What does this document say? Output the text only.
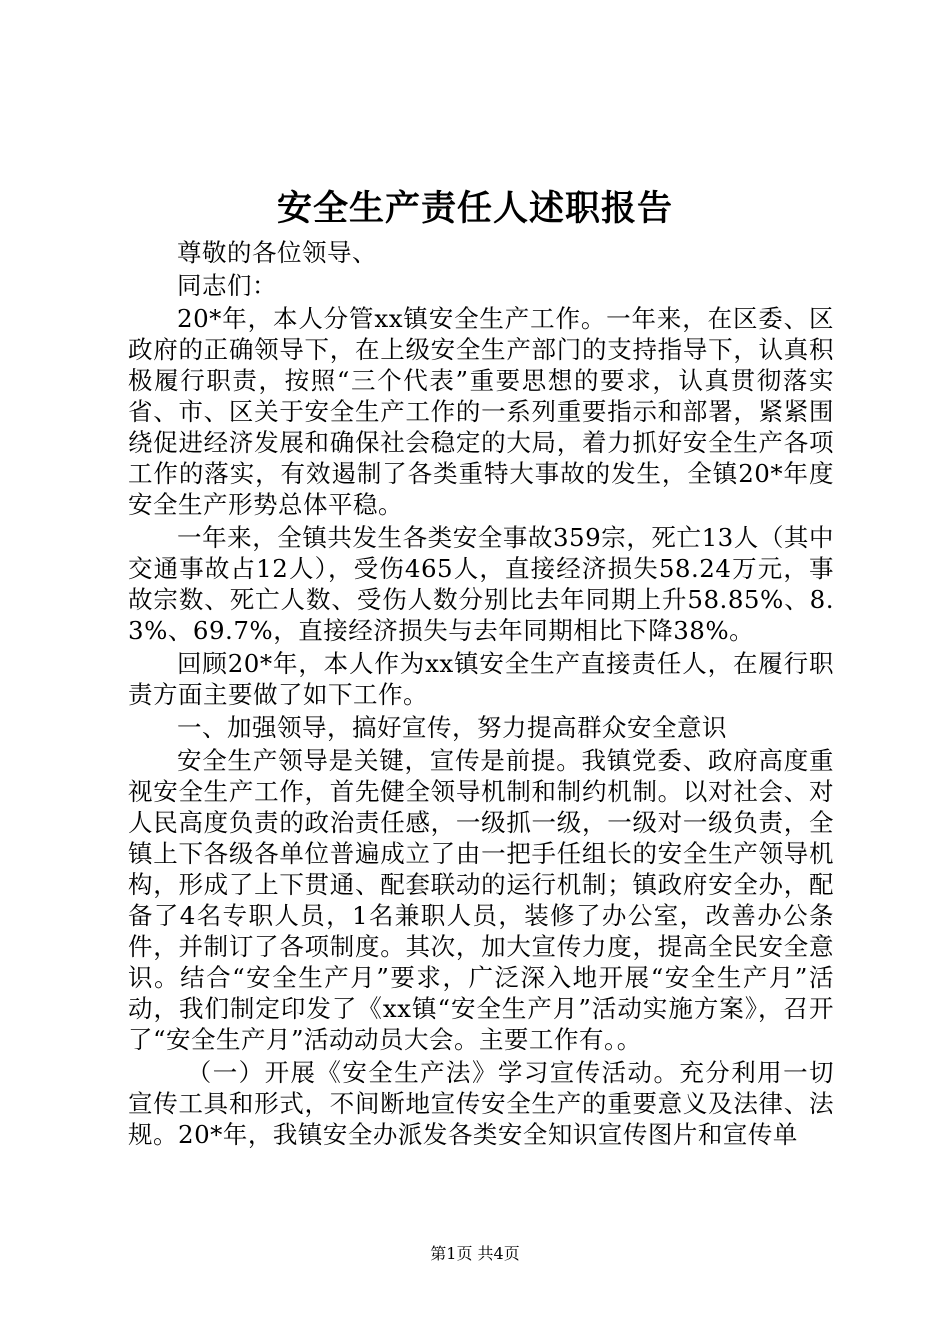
安全生产责任人述职报告

尊敬的各位领导、

同志们：

20*年，本人分管xx镇安全生产工作。一年来，在区委、区政府的正确领导下，在上级安全生产部门的支持指导下，认真积极履行职责，按照“三个代表”重要思想的要求，认真贯彻落实省、市、区关于安全生产工作的一系列重要指示和部署，紧紧围绕促进经济发展和确保社会稳定的大局，着力抓好安全生产各项工作的落实，有效遏制了各类重特大事故的发生，全镇20*年度安全生产形势总体平稳。

一年来，全镇共发生各类安全事故359宗，死亡13人（其中交通事故占12人），受伤465人，直接经济损失58.24万元，事故宗数、死亡人数、受伤人数分别比去年同期上升58.85%、8.3%、69.7%，直接经济损失与去年同期相比下降38%。

回顾20*年，本人作为xx镇安全生产直接责任人，在履行职责方面主要做了如下工作。

一、加强领导，搞好宣传，努力提高群众安全意识

安全生产领导是关键，宣传是前提。我镇党委、政府高度重视安全生产工作，首先健全领导机制和制约机制。以对社会、对人民高度负责的政治责任感，一级抓一级，一级对一级负责，全镇上下各级各单位普遍成立了由一把手任组长的安全生产领导机构，形成了上下贯通、配套联动的运行机制；镇政府安全办，配备了4名专职人员，1名兼职人员，装修了办公室，改善办公条件，并制订了各项制度。其次，加大宣传力度，提高全民安全意识。结合“安全生产月”要求，广泛深入地开展“安全生产月”活动，我们制定印发了《xx镇“安全生产月”活动实施方案》，召开了“安全生产月”活动动员大会。主要工作有。。

（一）开展《安全生产法》学习宣传活动。充分利用一切宣传工具和形式，不间断地宣传安全生产的重要意义及法律、法规。20*年，我镇安全办派发各类安全知识宣传图片和宣传单

第1页 共4页
